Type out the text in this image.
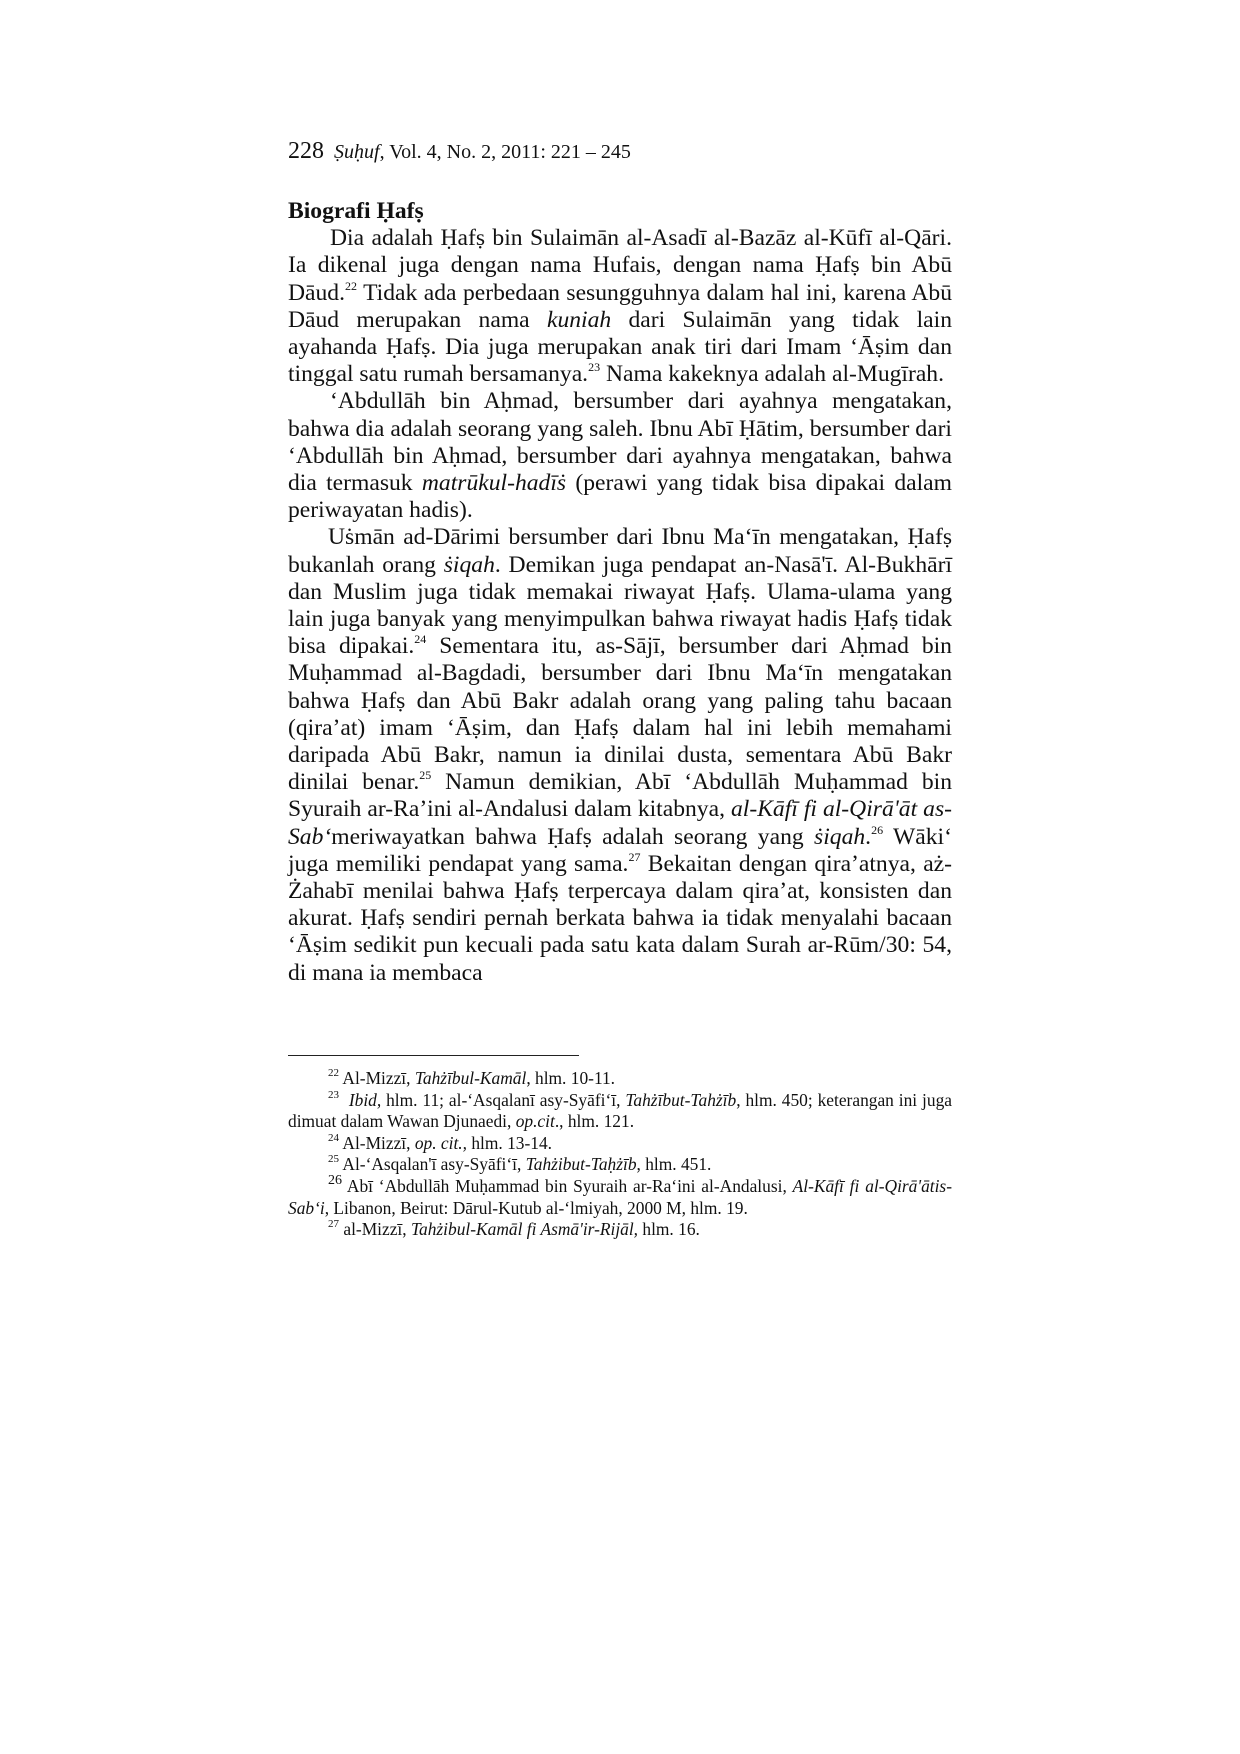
228 Ṣuḥuf, Vol. 4, No. 2, 2011: 221 – 245

Biografi Ḥafṣ

Dia adalah Ḥafṣ bin Sulaimān al-Asadī al-Bazāz al-Kūfī al-Qāri. Ia dikenal juga dengan nama Hufais, dengan nama Ḥafṣ bin Abū Dāud.$^{22}$ Tidak ada perbedaan sesungguhnya dalam hal ini, karena Abū Dāud merupakan nama kuniah dari Sulaimān yang tidak lain ayahanda Ḥafṣ. Dia juga merupakan anak tiri dari Imam ‘Āṣim dan tinggal satu rumah bersamanya.$^{23}$ Nama kakeknya adalah al-Mugīrah.

‘Abdullāh bin Aḥmad, bersumber dari ayahnya mengatakan, bahwa dia adalah seorang yang saleh. Ibnu Abī Ḥātim, bersumber dari ‘Abdullāh bin Aḥmad, bersumber dari ayahnya mengatakan, bahwa dia termasuk matrūkul-hadīṡ (perawi yang tidak bisa dipakai dalam periwayatan hadis).

Uṡmān ad-Dārimi bersumber dari Ibnu Ma‘īn mengatakan, Ḥafṣ bukanlah orang ṡiqah. Demikan juga pendapat an-Nasā'ī. Al-Bukhārī dan Muslim juga tidak memakai riwayat Ḥafṣ. Ulama-ulama yang lain juga banyak yang menyimpulkan bahwa riwayat hadis Ḥafṣ tidak bisa dipakai.$^{24}$ Sementara itu, as-Sājī, bersumber dari Aḥmad bin Muḥammad al-Bagdadi, bersumber dari Ibnu Ma‘īn mengatakan bahwa Ḥafṣ dan Abū Bakr adalah orang yang paling tahu bacaan (qira’at) imam ‘Āṣim, dan Ḥafṣ dalam hal ini lebih memahami daripada Abū Bakr, namun ia dinilai dusta, sementara Abū Bakr dinilai benar.$^{25}$ Namun demikian, Abī ‘Abdullāh Muḥammad bin Syuraih ar-Ra’ini al-Andalusi dalam kitabnya, al-Kāfī fi al-Qirā'āt as-Sab‘meriwayatkan bahwa Ḥafṣ adalah seorang yang ṡiqah.$^{26}$ Wāki‘ juga memiliki pendapat yang sama.$^{27}$ Bekaitan dengan qira’atnya, aż-Żahabī menilai bahwa Ḥafṣ terpercaya dalam qira’at, konsisten dan akurat. Ḥafṣ sendiri pernah berkata bahwa ia tidak menyalahi bacaan ‘Āṣim sedikit pun kecuali pada satu kata dalam Surah ar-Rūm/30: 54, di mana ia membaca

$^{22}$ Al-Mizzī, Tahżībul-Kamāl, hlm. 10-11.

$^{23}$ Ibid, hlm. 11; al-‘Asqalanī asy-Syāfi‘ī, Tahżībut-Tahżīb, hlm. 450; keterangan ini juga dimuat dalam Wawan Djunaedi, op.cit., hlm. 121.

$^{24}$ Al-Mizzī, op. cit., hlm. 13-14.

$^{25}$ Al-‘Asqalan'ī asy-Syāfi‘ī, Tahżibut-Taḥżīb, hlm. 451.

$^{26}$ Abī ‘Abdullāh Muḥammad bin Syuraih ar-Ra‘ini al-Andalusi, Al-Kāfī fi al-Qirā'ātis-Sab‘i, Libanon, Beirut: Dārul-Kutub al-‘lmiyah, 2000 M, hlm. 19.

$^{27}$ al-Mizzī, Tahżibul-Kamāl fi Asmā'ir-Rijāl, hlm. 16.
